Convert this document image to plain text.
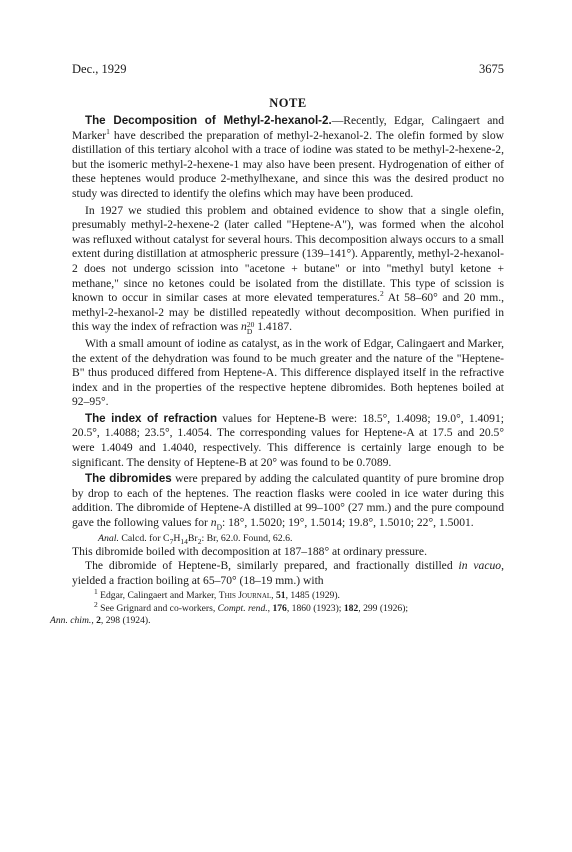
Dec., 1929	3675
NOTE

The Decomposition of Methyl-2-hexanol-2.—Recently, Edgar, Calingaert and Marker$^1$ have described the preparation of methyl-2-hexanol-2. The olefin formed by slow distillation of this tertiary alcohol with a trace of iodine was stated to be methyl-2-hexene-2, but the isomeric methyl-2-hexene-1 may also have been present. Hydrogenation of either of these heptenes would produce 2-methylhexane, and since this was the desired product no study was directed to identify the olefins which may have been produced.

In 1927 we studied this problem and obtained evidence to show that a single olefin, presumably methyl-2-hexene-2 (later called "Heptene-A"), was formed when the alcohol was refluxed without catalyst for several hours. This decomposition always occurs to a small extent during distillation at atmospheric pressure (139–141°). Apparently, methyl-2-hexanol-2 does not undergo scission into "acetone + butane" or into "methyl butyl ketone + methane," since no ketones could be isolated from the distillate. This type of scission is known to occur in similar cases at more elevated temperatures.$^2$ At 58–60° and 20 mm., methyl-2-hexanol-2 may be distilled repeatedly without decomposition. When purified in this way the index of refraction was n20
D 1.4187.

With a small amount of iodine as catalyst, as in the work of Edgar, Calingaert and Marker, the extent of the dehydration was found to be much greater and the nature of the "Heptene-B" thus produced differed from Heptene-A. This difference displayed itself in the refractive index and in the properties of the respective heptene dibromides. Both heptenes boiled at 92–95°.

The index of refraction values for Heptene-B were: 18.5°, 1.4098; 19.0°, 1.4091; 20.5°, 1.4088; 23.5°, 1.4054. The corresponding values for Heptene-A at 17.5 and 20.5° were 1.4049 and 1.4040, respectively. This difference is certainly large enough to be significant. The density of Heptene-B at 20° was found to be 0.7089.

The dibromides were prepared by adding the calculated quantity of pure bromine drop by drop to each of the heptenes. The reaction flasks were cooled in ice water during this addition. The dibromide of Heptene-A distilled at 99–100° (27 mm.) and the pure compound gave the following values for $n_D$: 18°, 1.5020; 19°, 1.5014; 19.8°, 1.5010; 22°, 1.5001.

Anal. Calcd. for $C_7H_{14}Br_2$: Br, 62.0. Found, 62.6.

This dibromide boiled with decomposition at 187–188° at ordinary pressure.

The dibromide of Heptene-B, similarly prepared, and fractionally distilled in vacuo, yielded a fraction boiling at 65–70° (18–19 mm.) with

$^1$ Edgar, Calingaert and Marker, This Journal, 51, 1485 (1929).

$^2$ See Grignard and co-workers, Compt. rend., 176, 1860 (1923); 182, 299 (1926);
Ann. chim., 2, 298 (1924).
